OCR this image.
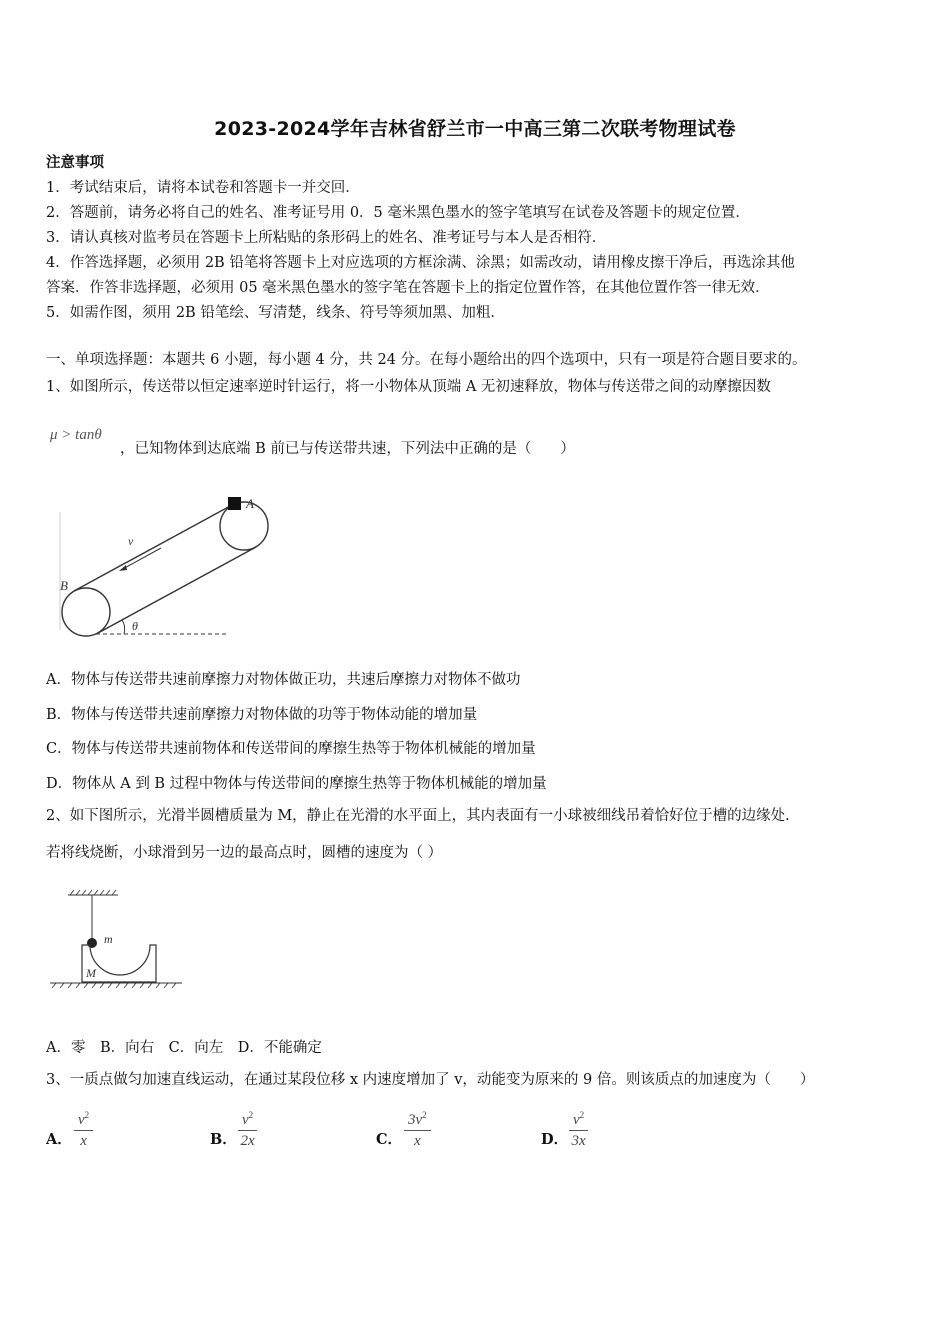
2023-2024学年吉林省舒兰市一中高三第二次联考物理试卷
注意事项
1．考试结束后，请将本试卷和答题卡一并交回．
2．答题前，请务必将自己的姓名、准考证号用 0．5 毫米黑色墨水的签字笔填写在试卷及答题卡的规定位置．
3．请认真核对监考员在答题卡上所粘贴的条形码上的姓名、准考证号与本人是否相符．
4．作答选择题，必须用 2B 铅笔将答题卡上对应选项的方框涂满、涂黑；如需改动，请用橡皮擦干净后，再选涂其他
答案．作答非选择题，必须用 05 毫米黑色墨水的签字笔在答题卡上的指定位置作答，在其他位置作答一律无效．
5．如需作图，须用 2B 铅笔绘、写清楚，线条、符号等须加黑、加粗．
一、单项选择题：本题共 6 小题，每小题 4 分，共 24 分。在每小题给出的四个选项中，只有一项是符合题目要求的。
1、如图所示，传送带以恒定速率逆时针运行，将一小物体从顶端 A 无初速释放，物体与传送带之间的动摩擦因数
μ > tanθ
，已知物体到达底端 B 前已与传送带共速，下列法中正确的是（　　）
A
B
v
θ
A．物体与传送带共速前摩擦力对物体做正功，共速后摩擦力对物体不做功
B．物体与传送带共速前摩擦力对物体做的功等于物体动能的增加量
C．物体与传送带共速前物体和传送带间的摩擦生热等于物体机械能的增加量
D．物体从 A 到 B 过程中物体与传送带间的摩擦生热等于物体机械能的增加量
2、如下图所示，光滑半圆槽质量为 M，静止在光滑的水平面上，其内表面有一小球被细线吊着恰好位于槽的边缘处.
若将线烧断，小球滑到另一边的最高点时，圆槽的速度为（ ）
m
M
A．零　B．向右　C．向左　D．不能确定
3、一质点做匀加速直线运动，在通过某段位移 x 内速度增加了 v，动能变为原来的 9 倍。则该质点的加速度为（　　）
A． $\frac{v^2}{x}$	B． $\frac{v^2}{2x}$	C． $\frac{3v^2}{x}$	D． $\frac{v^2}{3x}$
